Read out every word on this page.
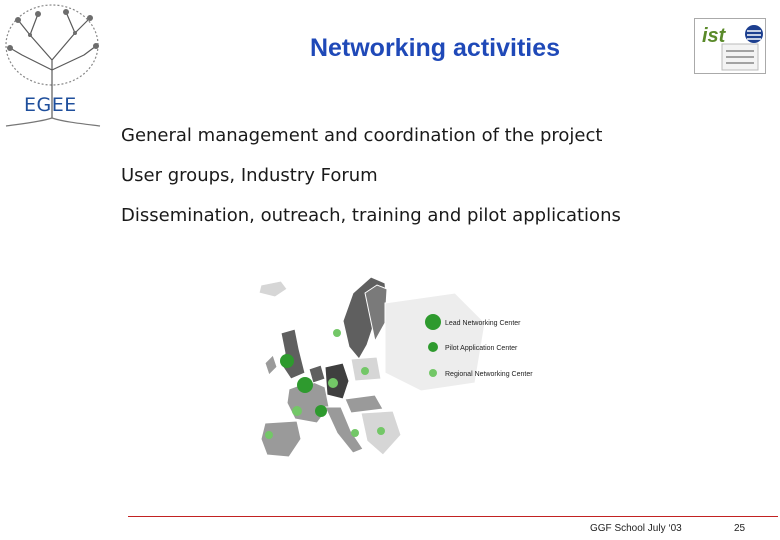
EGEE
Networking activities	ist
General management and coordination of the project
User groups, Industry Forum
Dissemination, outreach, training and pilot applications
Lead Networking Center
Pilot Application Center
Regional Networking Center
GGF School July ‘03	25
